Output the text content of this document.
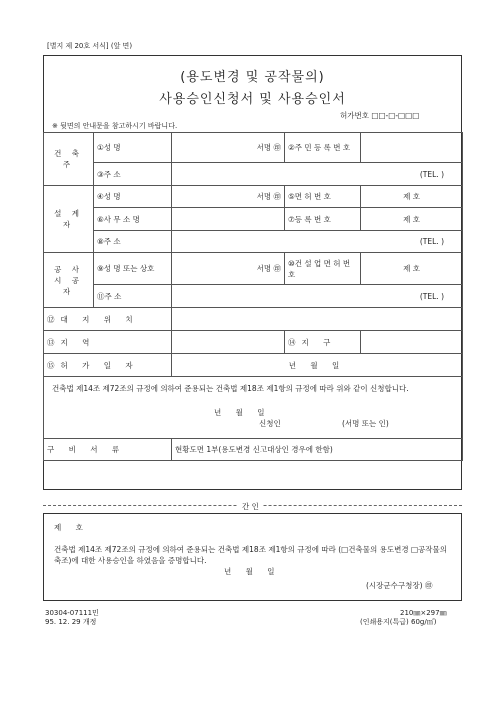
[별지 제 20호 서식] (앞 면)
(용도변경 및 공작물의)
사용승인신청서 및 사용승인서
허가번호 □□-□-□□□
※ 뒷면의 안내문을 참고하시기 바랍니다.
건 축 주	①성 명	서명 ㊞	②주 민 등 록 번 호	
	③주 소	(TEL. )		
설 계 자	④성 명	서명 ㊞	⑤면 허 번 호	제 호
	⑥사 무 소 명		⑦등 록 번 호	제 호
	⑧주 소	(TEL. )		
공 사 시 공 자	⑨성 명 또는 상호	서명 ㊞	⑩건 설 업 면 허 번 호	제 호
	⑪주 소	(TEL. )		
⑫대 지 위 치				
⑬지 역			⑭지 구	
⑮허 가 일 자		년 월 일		

건축법 제14조 제72조의 규정에 의하여 준용되는 건축법 제18조 제1항의 규정에 따라 위와 같이 신청합니다.
년 월 일
신청인 (서명 또는 인)				

구 비 서 류		현황도면 1부(용도변경 신고대상인 경우에 한함)		
간 인
제 호
건축법 제14조 제72조의 규정에 의하여 준용되는 건축법 제18조 제1항의 규정에 따라 (□건축물의 용도변경 □공작물의 축조)에 대한 사용승인을 하였음을 증명합니다.
년 월 일
(시장군수구청장) ㊞
30304-07111민
95. 12. 29 개정
210㎜×297㎜
(인쇄용지(특급) 60g/㎡)
